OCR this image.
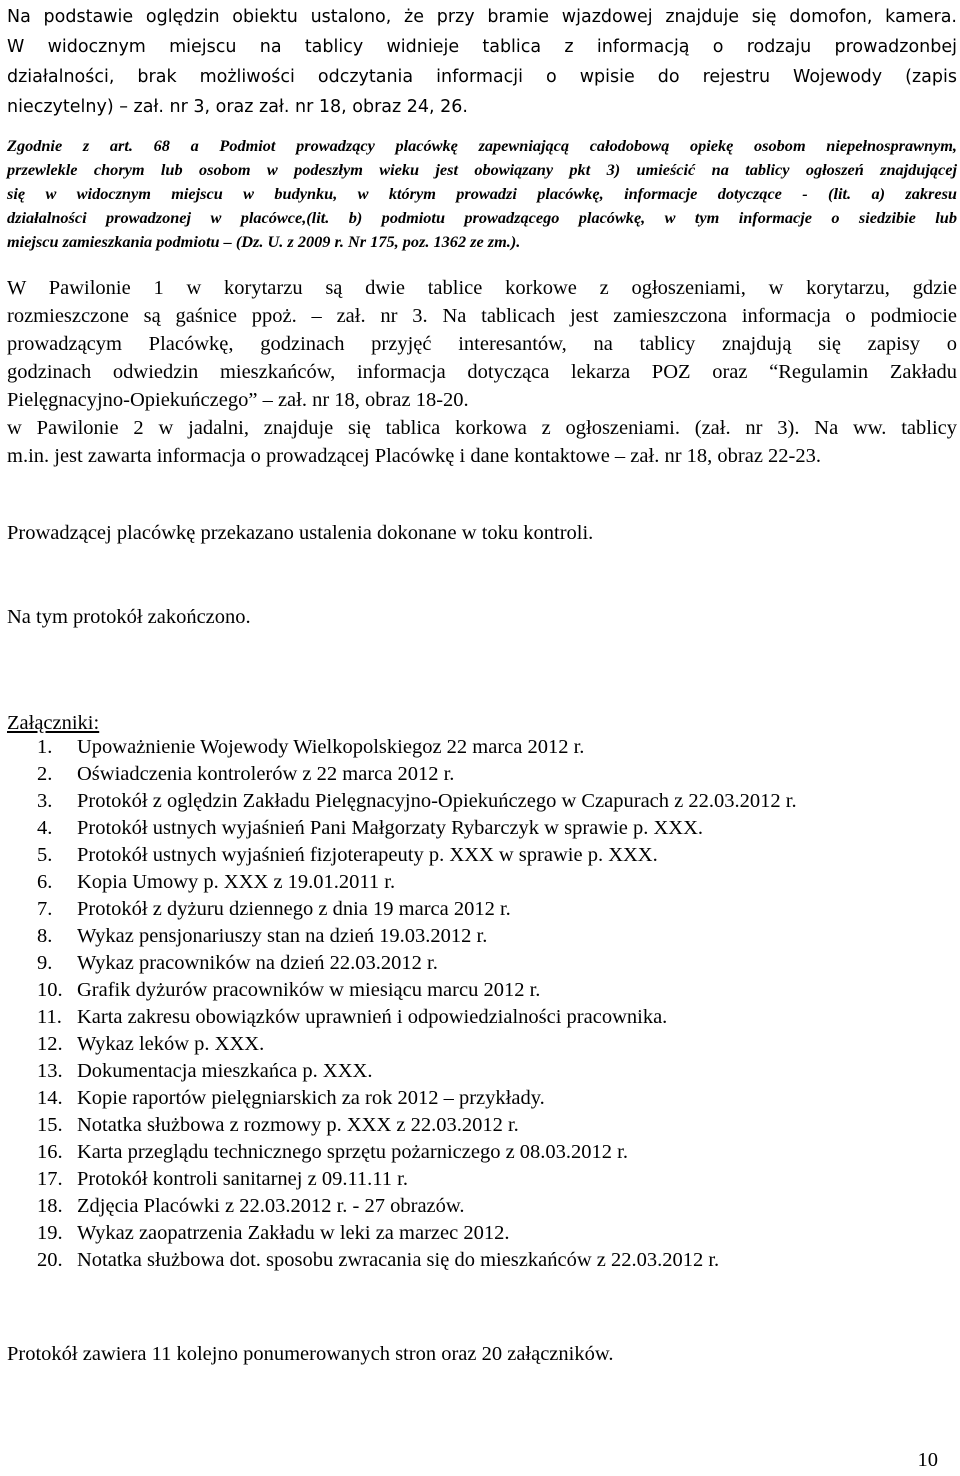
Na podstawie oględzin obiektu ustalono, że przy bramie wjazdowej znajduje się domofon, kamera.
W widocznym miejscu na tablicy widnieje tablica z informacją o rodzaju prowadzonbej
działalności, brak możliwości odczytania informacji o wpisie do rejestru Wojewody (zapis
nieczytelny) – zał. nr 3, oraz zał. nr 18, obraz 24, 26.
Zgodnie z art. 68 a Podmiot prowadzący placówkę zapewniającą całodobową opiekę osobom niepełnosprawnym,
przewlekle chorym lub osobom w podeszłym wieku jest obowiązany pkt 3) umieścić na tablicy ogłoszeń znajdującej
się w widocznym miejscu w budynku, w którym prowadzi placówkę, informacje dotyczące - (lit. a) zakresu
działalności prowadzonej w placówce,(lit. b) podmiotu prowadzącego placówkę, w tym informacje o siedzibie lub
miejscu zamieszkania podmiotu – (Dz. U. z 2009 r. Nr 175, poz. 1362 ze zm.).
W Pawilonie 1 w korytarzu są dwie tablice korkowe z ogłoszeniami, w korytarzu, gdzie
rozmieszczone są gaśnice ppoż. – zał. nr 3. Na tablicach jest zamieszczona informacja o podmiocie
prowadzącym Placówkę, godzinach przyjęć interesantów, na tablicy znajdują się zapisy o
godzinach odwiedzin mieszkańców, informacja dotycząca lekarza POZ oraz “Regulamin Zakładu
Pielęgnacyjno-Opiekuńczego” – zał. nr 18, obraz 18-20.
w Pawilonie 2 w jadalni, znajduje się tablica korkowa z ogłoszeniami. (zał. nr 3). Na ww. tablicy
m.in. jest zawarta informacja o prowadzącej Placówkę i dane kontaktowe – zał. nr 18, obraz 22-23.
Prowadzącej placówkę przekazano ustalenia dokonane w toku kontroli.
Na tym protokół zakończono.
Załączniki:
1. Upoważnienie Wojewody Wielkopolskiegoz 22 marca 2012 r.
2. Oświadczenia kontrolerów z 22 marca 2012 r.
3. Protokół z oględzin Zakładu Pielęgnacyjno-Opiekuńczego w Czapurach z 22.03.2012 r.
4. Protokół ustnych wyjaśnień Pani Małgorzaty Rybarczyk w sprawie p. XXX.
5. Protokół ustnych wyjaśnień fizjoterapeuty p. XXX w sprawie p. XXX.
6. Kopia Umowy p. XXX z 19.01.2011 r.
7. Protokół z dyżuru dziennego z dnia 19 marca 2012 r.
8. Wykaz pensjonariuszy stan na dzień 19.03.2012 r.
9. Wykaz pracowników na dzień 22.03.2012 r.
10. Grafik dyżurów pracowników w miesiącu marcu 2012 r.
11. Karta zakresu obowiązków uprawnień i odpowiedzialności pracownika.
12. Wykaz leków p. XXX.
13. Dokumentacja mieszkańca p. XXX.
14. Kopie raportów pielęgniarskich za rok 2012 – przykłady.
15. Notatka służbowa z rozmowy p. XXX z 22.03.2012 r.
16. Karta przeglądu technicznego sprzętu pożarniczego z 08.03.2012 r.
17. Protokół kontroli sanitarnej z 09.11.11 r.
18. Zdjęcia Placówki z 22.03.2012 r. - 27 obrazów.
19. Wykaz zaopatrzenia Zakładu w leki za marzec 2012.
20. Notatka służbowa dot. sposobu zwracania się do mieszkańców z 22.03.2012 r.
Protokół zawiera 11 kolejno ponumerowanych stron oraz 20 załączników.
10
